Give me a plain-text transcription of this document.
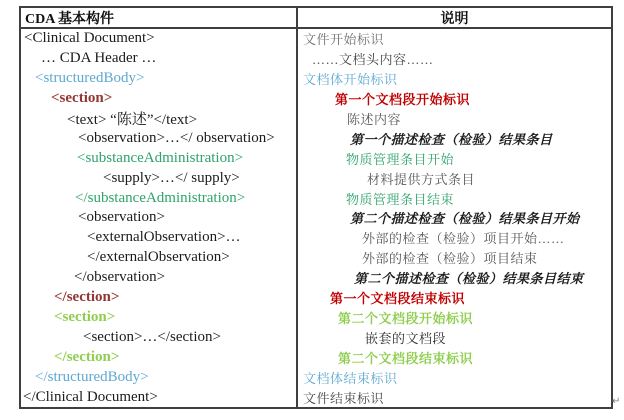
CDA 基本构件	说明
<Clinical Document>	文件开始标识
… CDA Header …	……文档头内容……
<structuredBody>	文档体开始标识
<section>	第一个文档段开始标识
<text> “陈述”</text>	陈述内容
<observation>…</ observation>	第一个描述检查（检验）结果条目
<substanceAdministration>	物质管理条目开始
<supply>…</ supply>	材料提供方式条目
</substanceAdministration>	物质管理条目结束
<observation>	第二个描述检查（检验）结果条目开始
<externalObservation>…	外部的检查（检验）项目开始……
</externalObservation>	外部的检查（检验）项目结束
</observation>	第二个描述检查（检验）结果条目结束
</section>	第一个文档段结束标识
<section>	第二个文档段开始标识
<section>…</section>	嵌套的文档段
</section>	第二个文档段结束标识
</structuredBody>	文档体结束标识
</Clinical Document>	文件结束标识	↵
